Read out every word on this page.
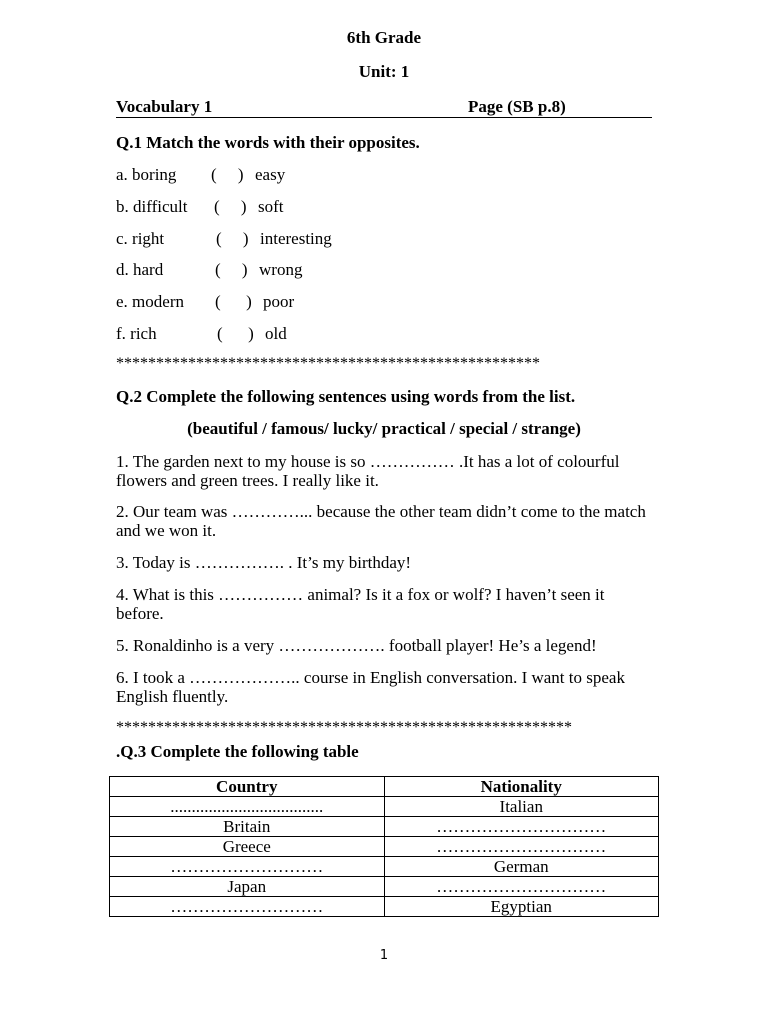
6th Grade
Unit: 1
Vocabulary 1	Page (SB p.8)
Q.1 Match the words with their opposites.
a. boring (     ) easy
b. difficult (     ) soft
c. right	(     ) interesting
d. hard	(     ) wrong
e. modern (      ) poor
f. rich	(      ) old
*****************************************************
Q.2 Complete the following sentences using words from the list.
(beautiful / famous/ lucky/ practical / special / strange)
1. The garden next to my house is so …………… .It has a lot of colourful flowers and green trees. I really like it.
2. Our team was …………... because the other team didn’t come to the match and we won it.
3. Today is ……………. . It’s my birthday!
4. What is this …………… animal? Is it a fox or wolf? I haven’t seen it before.
5. Ronaldinho is a very ………………. football player! He’s a legend!
6. I took a ……………….. course in English conversation. I want to speak English fluently.
*********************************************************
.Q.3 Complete the following table
Country	Nationality
....................................	Italian
Britain	…………………………
Greece	…………………………
………………………	German
Japan	…………………………
………………………	Egyptian
1
